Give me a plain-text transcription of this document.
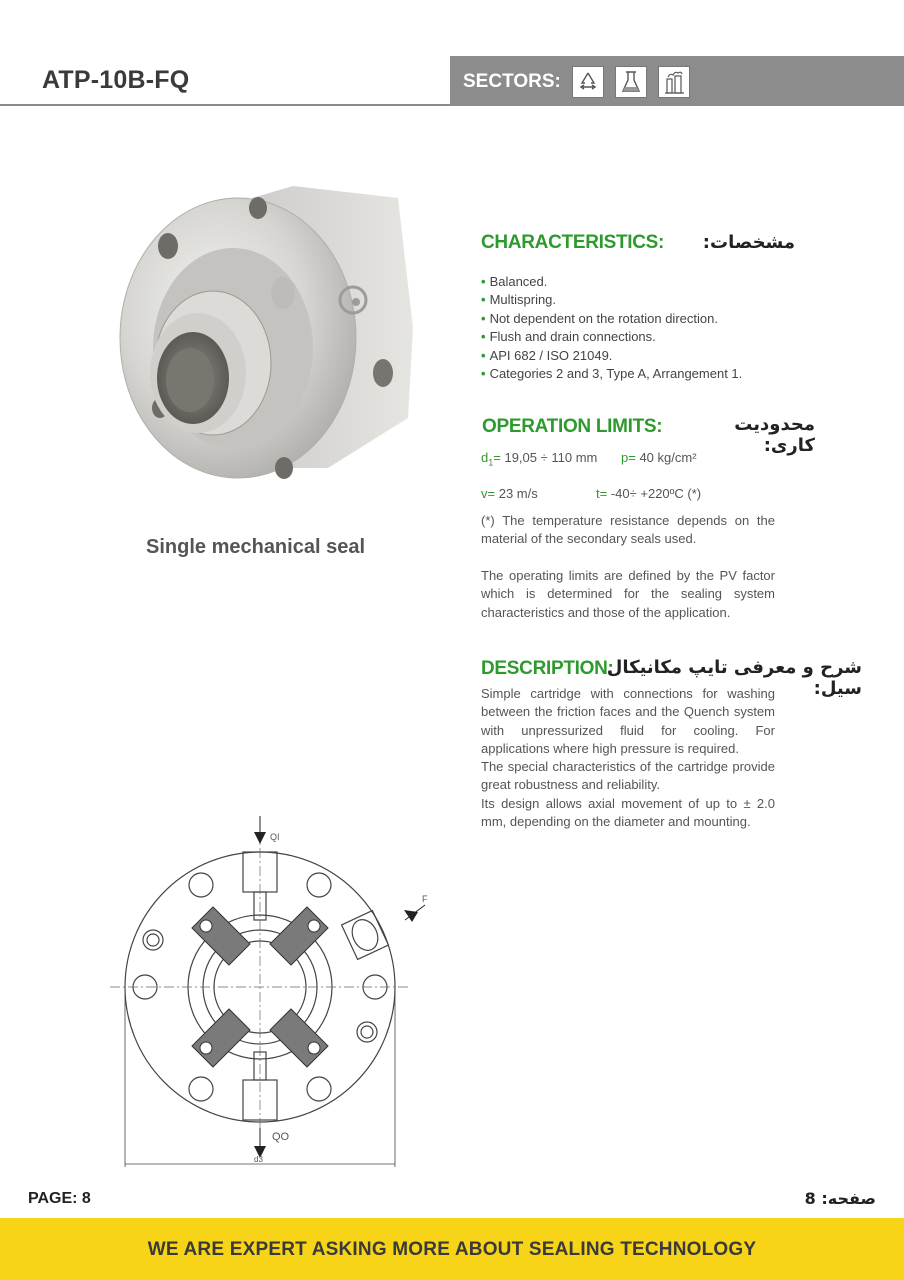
ATP-10B-FQ	SECTORS:
Single mechanical seal
CHARACTERISTICS: مشخصات:
• Balanced.
• Multispring.
• Not dependent on the rotation direction.
• Flush and drain connections.
• API 682 / ISO 21049.
• Categories 2 and 3, Type A, Arrangement 1.
OPERATION LIMITS:	محدودیت کاری:
$d_1= 19,05 \div 110$ mm p= 40 kg/cm²
v= 23 m/s	t= -40÷ +220ºC (*)
(*) The temperature resistance depends on the material of the secondary seals used.
The operating limits are defined by the PV factor which is determined for the sealing system characteristics and those of the application.
DESCRIPTION:
شرح و معرفی تایپ مکانیکال سیل:
Simple cartridge with connections for washing between the friction faces and the Quench system with unpressurized fluid for cooling. For applications where high pressure is required.
The special characteristics of the cartridge provide great robustness and reliability.
Its design allows axial movement of up to ± 2.0 mm, depending on the diameter and mounting.
QI
QO
F
d3
PAGE: 8	صفحه: 8
WE ARE EXPERT ASKING MORE ABOUT SEALING TECHNOLOGY
